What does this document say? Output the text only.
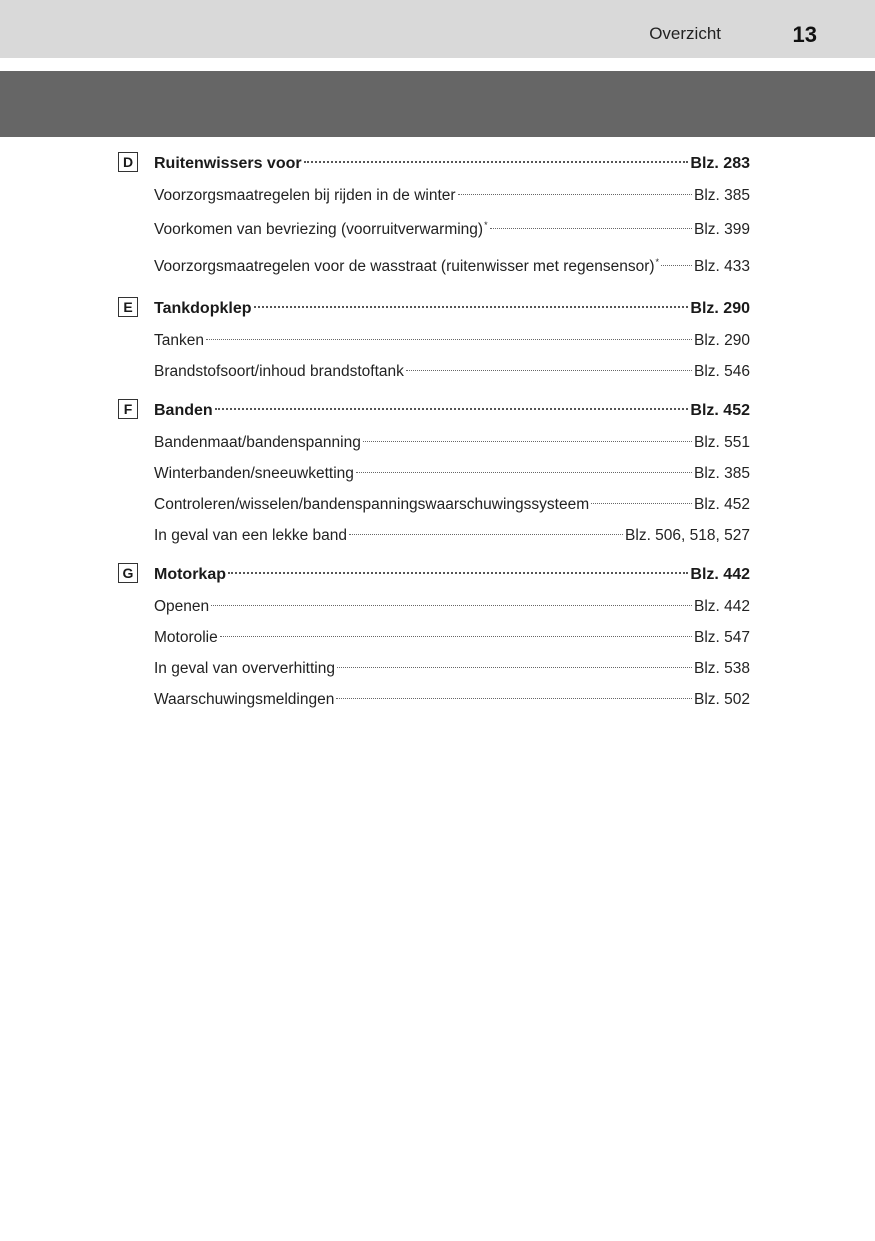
Overzicht	13
D	Ruitenwissers voor	Blz. 283
Voorzorgsmaatregelen bij rijden in de winter	Blz. 385
Voorkomen van bevriezing (voorruitverwarming)*	Blz. 399
Voorzorgsmaatregelen voor de wasstraat (ruitenwisser met regensensor)* Blz. 433
E	Tankdopklep	Blz. 290
Tanken	Blz. 290
Brandstofsoort/inhoud brandstoftank	Blz. 546
F	Banden	Blz. 452
Bandenmaat/bandenspanning	Blz. 551
Winterbanden/sneeuwketting	Blz. 385
Controleren/wisselen/bandenspanningswaarschuwingssysteem	Blz. 452
In geval van een lekke band	Blz. 506, 518, 527
G Motorkap	Blz. 442
Openen	Blz. 442
Motorolie	Blz. 547
In geval van oververhitting	Blz. 538
Waarschuwingsmeldingen	Blz. 502
